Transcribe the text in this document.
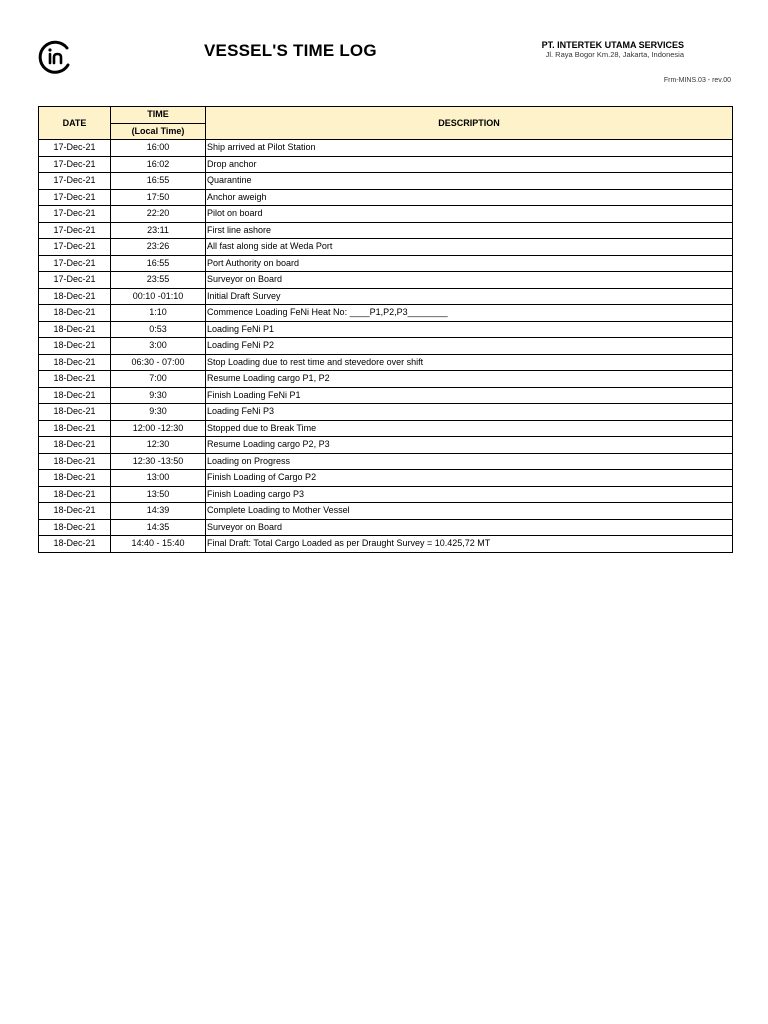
VESSEL'S TIME LOG	PT. INTERTEK UTAMA SERVICES
Jl. Raya Bogor Km.28, Jakarta, Indonesia
Frm-MINS.03 - rev.00
DATE	TIME	DESCRIPTION
	(Local Time)	
17-Dec-21	16:00	Ship arrived at Pilot Station
17-Dec-21	16:02	Drop anchor
17-Dec-21	16:55	Quarantine
17-Dec-21	17:50	Anchor aweigh
17-Dec-21	22:20	Pilot on board
17-Dec-21	23:11	First line ashore
17-Dec-21	23:26	All fast along side at Weda Port
17-Dec-21	16:55	Port Authority on board
17-Dec-21	23:55	Surveyor on Board
18-Dec-21	00:10 -01:10	Initial Draft Survey
18-Dec-21	1:10	Commence Loading FeNi Heat No: ____P1,P2,P3________
18-Dec-21	0:53	Loading FeNi P1
18-Dec-21	3:00	Loading FeNi P2
18-Dec-21	06:30 - 07:00	Stop Loading due to rest time and stevedore over shift
18-Dec-21	7:00	Resume Loading cargo P1, P2
18-Dec-21	9:30	Finish Loading FeNi P1
18-Dec-21	9:30	Loading FeNi P3
18-Dec-21	12:00 -12:30	Stopped due to Break Time
18-Dec-21	12:30	Resume Loading cargo P2, P3
18-Dec-21	12:30 -13:50	Loading on Progress
18-Dec-21	13:00	Finish Loading of Cargo P2
18-Dec-21	13:50	Finish Loading cargo P3
18-Dec-21	14:39	Complete Loading to Mother Vessel
18-Dec-21	14:35	Surveyor on Board
18-Dec-21	14:40 - 15:40	Final Draft: Total Cargo Loaded as per Draught Survey = 10.425,72 MT
